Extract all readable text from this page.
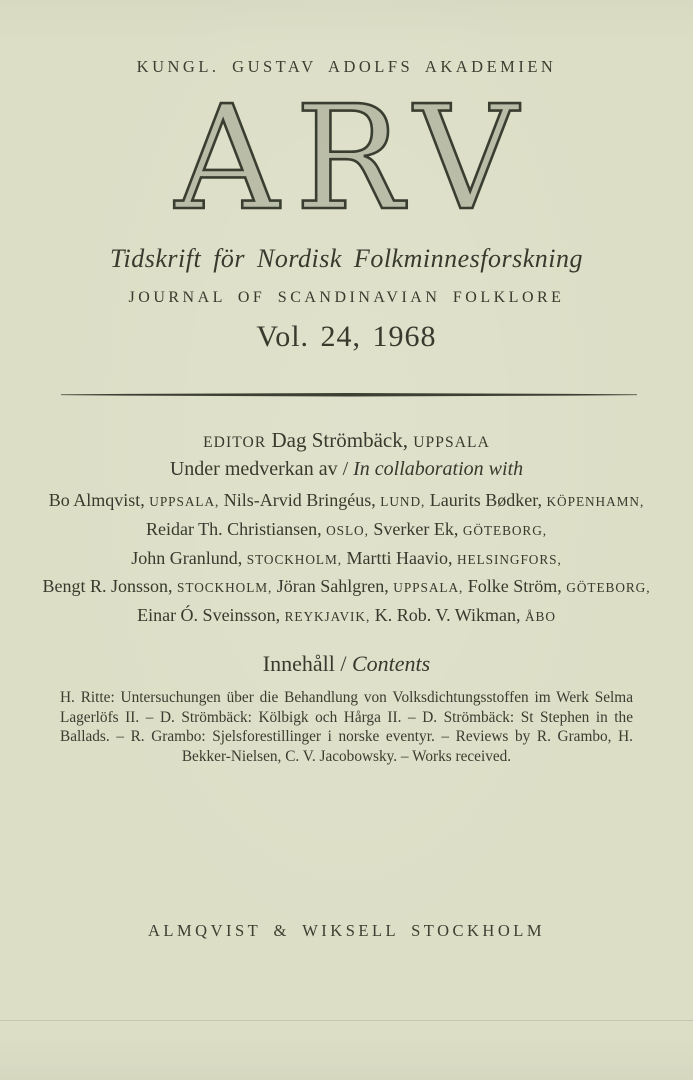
KUNGL. GUSTAV ADOLFS AKADEMIEN
ARV
Tidskrift för Nordisk Folkminnesforskning
JOURNAL OF SCANDINAVIAN FOLKLORE
Vol. 24, 1968
EDITOR Dag Strömbäck, UPPSALA
Under medverkan av / In collaboration with
Bo Almqvist, UPPSALA, Nils-Arvid Bringéus, LUND, Laurits Bødker, KÖPENHAMN,
Reidar Th. Christiansen, OSLO, Sverker Ek, GÖTEBORG,
John Granlund, STOCKHOLM, Martti Haavio, HELSINGFORS,
Bengt R. Jonsson, STOCKHOLM, Jöran Sahlgren, UPPSALA, Folke Ström, GÖTEBORG,
Einar Ó. Sveinsson, REYKJAVIK, K. Rob. V. Wikman, ÅBO
Innehåll / Contents
H. Ritte: Untersuchungen über die Behandlung von Volksdichtungsstoffen im Werk Selma Lagerlöfs II. – D. Strömbäck: Kölbigk och Hårga II. – D. Strömbäck: St Stephen in the Ballads. – R. Grambo: Sjelsforestillinger i norske eventyr. – Reviews by R. Grambo, H. Bekker-Nielsen, C. V. Jacobowsky. – Works received.
ALMQVIST & WIKSELL STOCKHOLM
